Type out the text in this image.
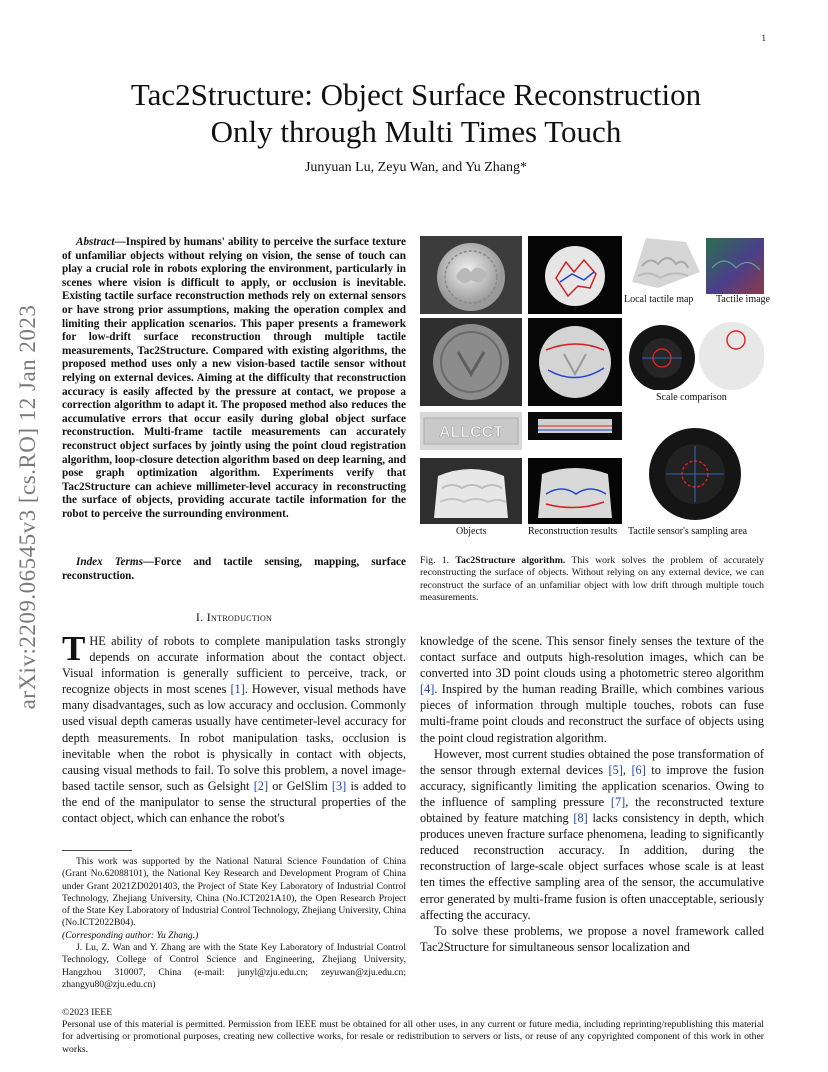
1
Tac2Structure: Object Surface Reconstruction
Only through Multi Times Touch
Junyuan Lu, Zeyu Wan, and Yu Zhang*
arXiv:2209.06545v3 [cs.RO] 12 Jan 2023
Abstract—Inspired by humans' ability to perceive the surface texture of unfamiliar objects without relying on vision, the sense of touch can play a crucial role in robots exploring the environment, particularly in scenes where vision is difficult to apply, or occlusion is inevitable. Existing tactile surface reconstruction methods rely on external sensors or have strong prior assumptions, making the operation complex and limiting their application scenarios. This paper presents a framework for low-drift surface reconstruction through multiple tactile measurements, Tac2Structure. Compared with existing algorithms, the proposed method uses only a new vision-based tactile sensor without relying on external devices. Aiming at the difficulty that reconstruction accuracy is easily affected by the pressure at contact, we propose a correction algorithm to adapt it. The proposed method also reduces the accumulative errors that occur easily during global object surface reconstruction. Multi-frame tactile measurements can accurately reconstruct object surfaces by jointly using the point cloud registration algorithm, loop-closure detection algorithm based on deep learning, and pose graph optimization algorithm. Experiments verify that Tac2Structure can achieve millimeter-level accuracy in reconstructing the surface of objects, providing accurate tactile information for the robot to perceive the surrounding environment.
Index Terms—Force and tactile sensing, mapping, surface reconstruction.
I. Introduction
THE ability of robots to complete manipulation tasks strongly depends on accurate information about the contact object. Visual information is generally sufficient to perceive, track, or recognize objects in most scenes [ 1 ] . However, visual methods have many disadvantages, such as low accuracy and occlusion. Commonly used visual depth cameras usually have centimeter-level accuracy for depth measurements. In robot manipulation tasks, occlusion is inevitable when the robot is physically in contact with objects, causing visual methods to fail. To solve this problem, a novel image-based tactile sensor, such as Gelsight [ 2 ] or GelSlim [ 3 ] is added to the end of the manipulator to sense the structural properties of the contact object, which can enhance the robot's

This work was supported by the National Natural Science Foundation of China (Grant No.62088101), the National Key Research and Development Program of China under Grant 2021ZD0201403, the Project of State Key Laboratory of Industrial Control Technology, Zhejiang University, China (No.ICT2021A10), the Open Research Project of the State Key Laboratory of Industrial Control Technology, Zhejiang University, China (No.ICT2022B04).

(Corresponding author: Yu Zhang.)

J. Lu, Z. Wan and Y. Zhang are with the State Key Laboratory of Industrial Control Technology, College of Control Science and Engineering, Zhejiang University, Hangzhou 310007, China (e-mail: junyl@zju.edu.cn; zeyuwan@zju.edu.cn; zhangyu80@zju.edu.cn)

Local tactile map Tactile image
Scale comparison
ALLCCT
Objects	Reconstruction results Tactile sensor's sampling area
Fig. 1. Tac2Structure algorithm. This work solves the problem of accurately reconstructing the surface of objects. Without relying on any external device, we can reconstruct the surface of an unfamiliar object with low drift through multiple touch measurements.
knowledge of the scene. This sensor finely senses the texture of the contact surface and outputs high-resolution images, which can be converted into 3D point clouds using a photometric stereo algorithm [ 4 ] . Inspired by the human reading Braille, which combines various pieces of information through multiple touches, robots can fuse multi-frame point clouds and reconstruct the surface of objects using the point cloud registration algorithm.
However, most current studies obtained the pose transformation of the sensor through external devices [ 5 ] , [ 6 ] to improve the fusion accuracy, significantly limiting the application scenarios. Owing to the influence of sampling pressure [ 7 ] , the reconstructed texture obtained by feature matching [ 8 ] lacks consistency in depth, which produces uneven fracture surface phenomena, leading to significantly reduced reconstruction accuracy. In addition, during the reconstruction of large-scale object surfaces whose scale is at least ten times the effective sampling area of the sensor, the accumulative error generated by multi-frame fusion is often unacceptable, seriously affecting the accuracy.
To solve these problems, we propose a novel framework called Tac2Structure for simultaneous sensor localization and
©2023 IEEE
Personal use of this material is permitted. Permission from IEEE must be obtained for all other uses, in any current or future media, including reprinting/republishing this material for advertising or promotional purposes, creating new collective works, for resale or redistribution to servers or lists, or reuse of any copyrighted component of this work in other works.
